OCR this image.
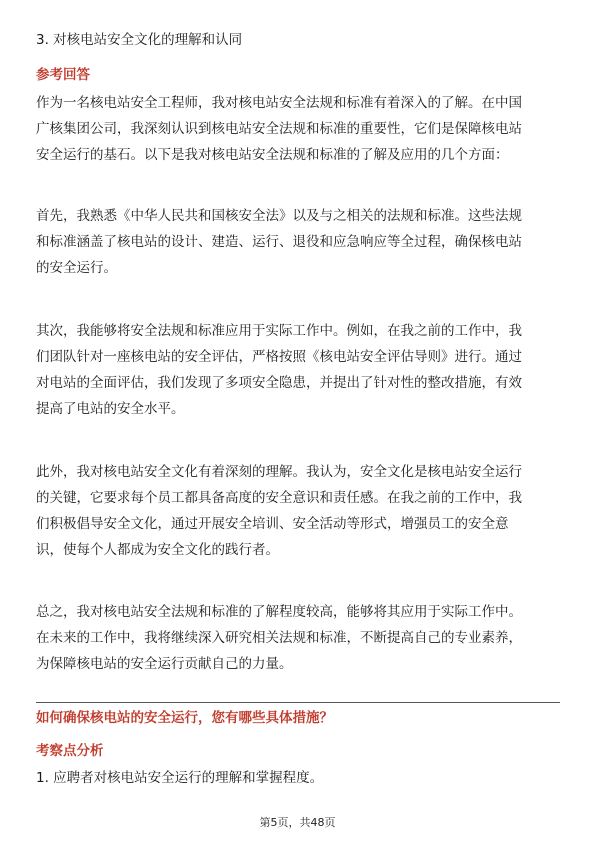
3. 对核电站安全文化的理解和认同
参考回答
作为一名核电站安全工程师，我对核电站安全法规和标准有着深入的了解。在中国
广核集团公司，我深刻认识到核电站安全法规和标准的重要性，它们是保障核电站
安全运行的基石。以下是我对核电站安全法规和标准的了解及应用的几个方面：
首先，我熟悉《中华人民共和国核安全法》以及与之相关的法规和标准。这些法规
和标准涵盖了核电站的设计、建造、运行、退役和应急响应等全过程，确保核电站
的安全运行。
其次，我能够将安全法规和标准应用于实际工作中。例如，在我之前的工作中，我
们团队针对一座核电站的安全评估，严格按照《核电站安全评估导则》进行。通过
对电站的全面评估，我们发现了多项安全隐患，并提出了针对性的整改措施，有效
提高了电站的安全水平。
此外，我对核电站安全文化有着深刻的理解。我认为，安全文化是核电站安全运行
的关键，它要求每个员工都具备高度的安全意识和责任感。在我之前的工作中，我
们积极倡导安全文化，通过开展安全培训、安全活动等形式，增强员工的安全意
识，使每个人都成为安全文化的践行者。
总之，我对核电站安全法规和标准的了解程度较高，能够将其应用于实际工作中。
在未来的工作中，我将继续深入研究相关法规和标准，不断提高自己的专业素养，
为保障核电站的安全运行贡献自己的力量。
如何确保核电站的安全运行，您有哪些具体措施？
考察点分析
1. 应聘者对核电站安全运行的理解和掌握程度。
第5页，共48页
